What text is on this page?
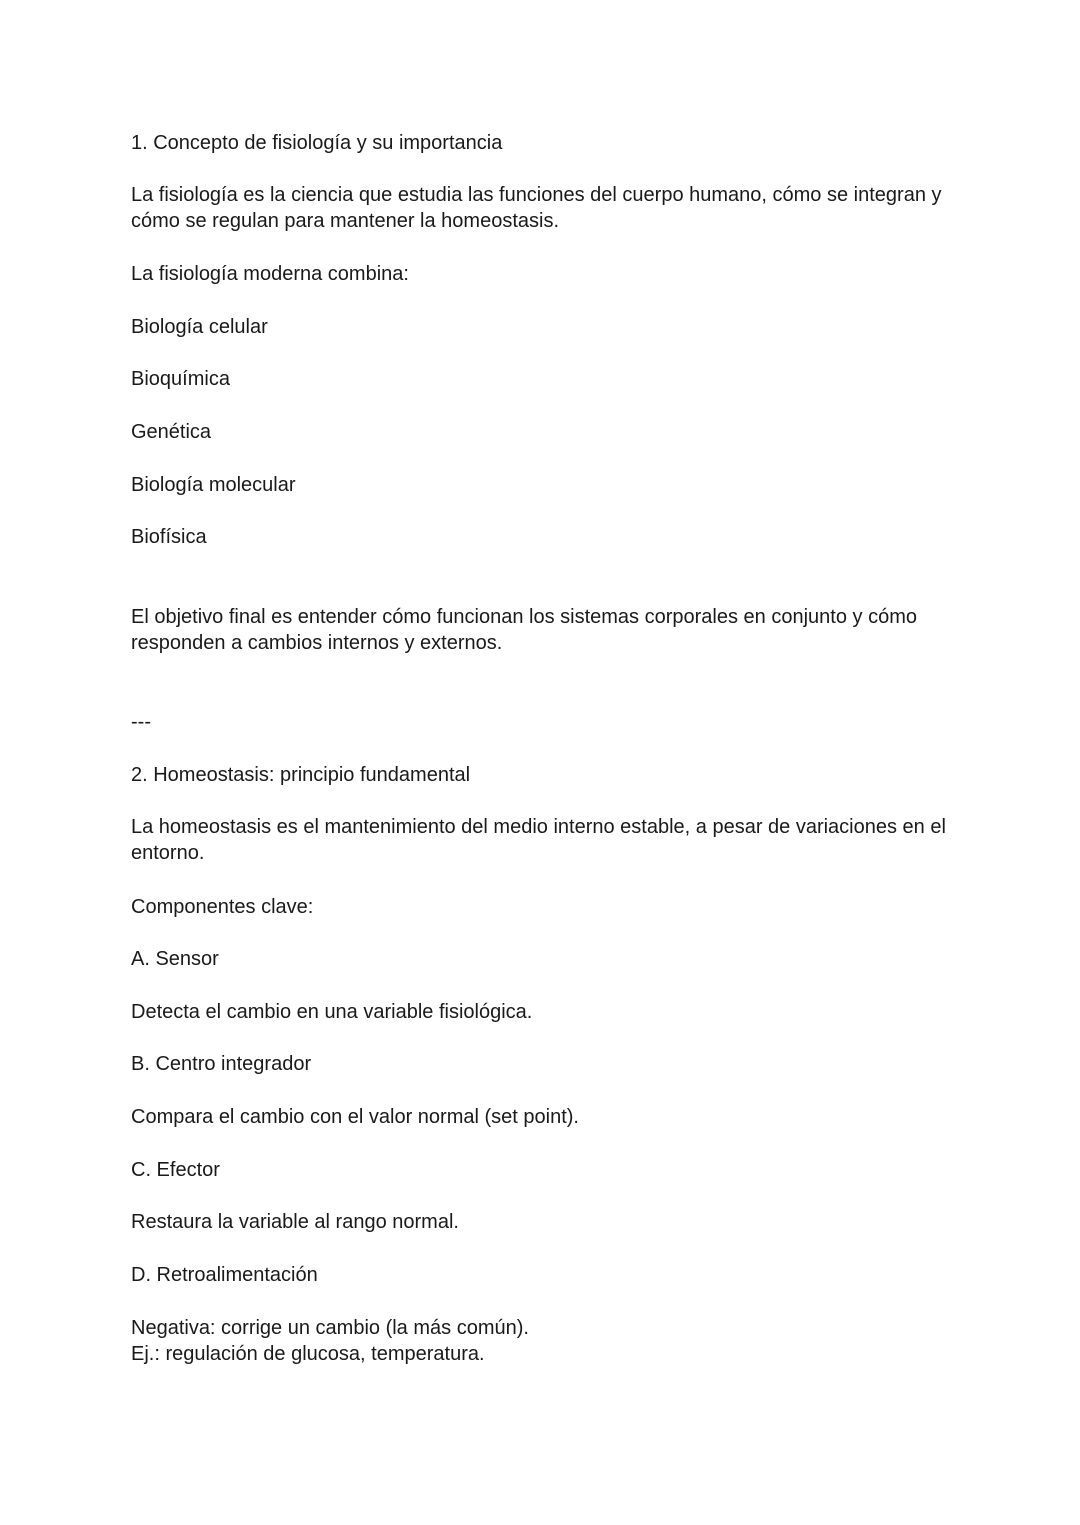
1. Concepto de fisiología y su importancia
La fisiología es la ciencia que estudia las funciones del cuerpo humano, cómo se integran y
cómo se regulan para mantener la homeostasis.
La fisiología moderna combina:
Biología celular
Bioquímica
Genética
Biología molecular
Biofísica
El objetivo final es entender cómo funcionan los sistemas corporales en conjunto y cómo
responden a cambios internos y externos.
---
2. Homeostasis: principio fundamental
La homeostasis es el mantenimiento del medio interno estable, a pesar de variaciones en el
entorno.
Componentes clave:
A. Sensor
Detecta el cambio en una variable fisiológica.
B. Centro integrador
Compara el cambio con el valor normal (set point).
C. Efector
Restaura la variable al rango normal.
D. Retroalimentación
Negativa: corrige un cambio (la más común).
Ej.: regulación de glucosa, temperatura.
